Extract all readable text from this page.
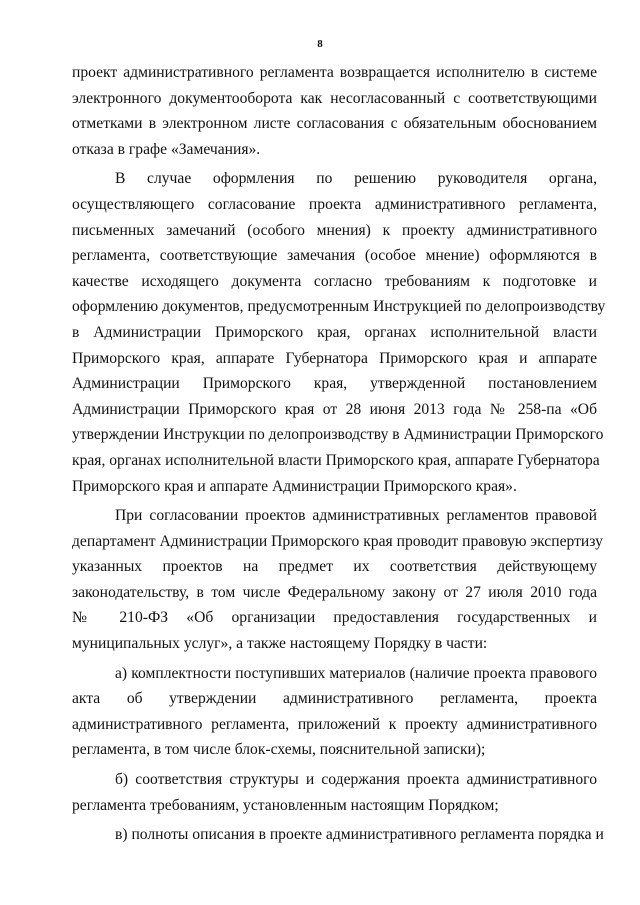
8
проект административного регламента возвращается исполнителю в системе
электронного документооборота как несогласованный с соответствующими
отметками в электронном листе согласования с обязательным обоснованием
отказа в графе «Замечания».
В случае оформления по решению руководителя органа,
осуществляющего согласование проекта административного регламента,
письменных замечаний (особого мнения) к проекту административного
регламента, соответствующие замечания (особое мнение) оформляются в
качестве исходящего документа согласно требованиям к подготовке и
оформлению документов, предусмотренным Инструкцией по делопроизводству
в Администрации Приморского края, органах исполнительной власти
Приморского края, аппарате Губернатора Приморского края и аппарате
Администрации Приморского края, утвержденной постановлением
Администрации Приморского края от 28 июня 2013 года № 258-па «Об
утверждении Инструкции по делопроизводству в Администрации Приморского
края, органах исполнительной власти Приморского края, аппарате Губернатора
Приморского края и аппарате Администрации Приморского края».
При согласовании проектов административных регламентов правовой
департамент Администрации Приморского края проводит правовую экспертизу
указанных проектов на предмет их соответствия действующему
законодательству, в том числе Федеральному закону от 27 июля 2010 года
№ 210-ФЗ «Об организации предоставления государственных и
муниципальных услуг», а также настоящему Порядку в части:
а) комплектности поступивших материалов (наличие проекта правового
акта об утверждении административного регламента, проекта
административного регламента, приложений к проекту административного
регламента, в том числе блок-схемы, пояснительной записки);
б) соответствия структуры и содержания проекта административного
регламента требованиям, установленным настоящим Порядком;
в) полноты описания в проекте административного регламента порядка и
